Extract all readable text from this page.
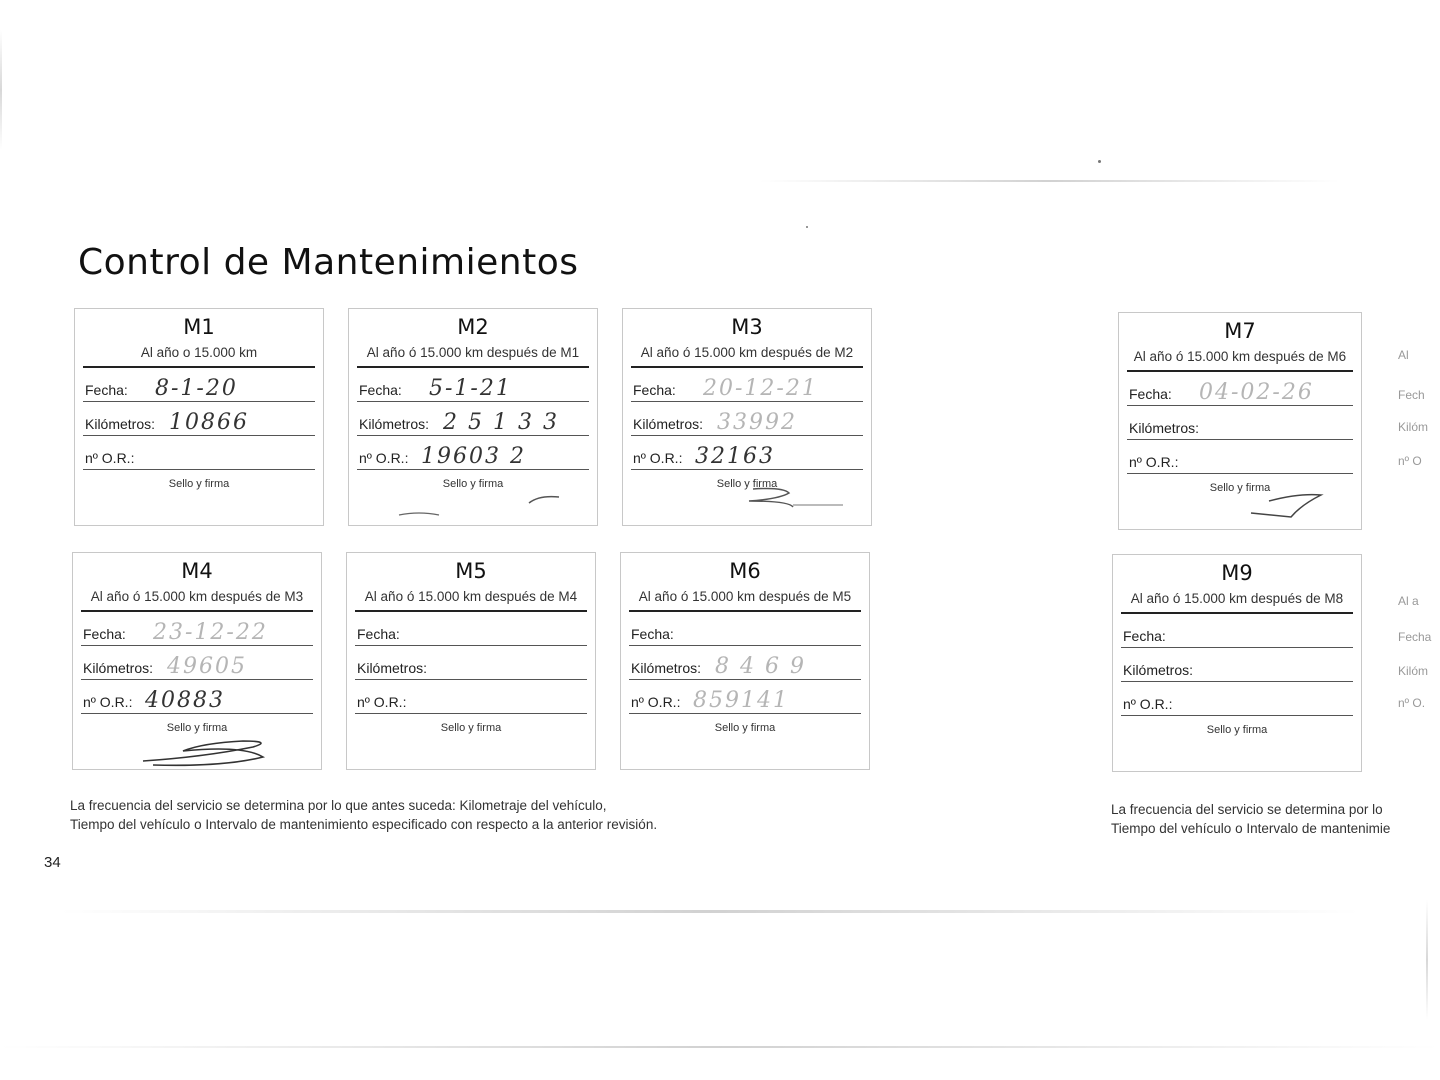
Control de Mantenimientos
M1
Al año o 15.000 km
Fecha: 8-1-20
Kilómetros: 10866
nº O.R.:
Sello y firma
M2
Al año ó 15.000 km después de M1
Fecha: 5-1-21
Kilómetros: 2 5 1 3 3
nº O.R.: 19603 2
Sello y firma
M3
Al año ó 15.000 km después de M2
Fecha: 20-12-21
Kilómetros: 33992
nº O.R.: 32163
Sello y firma
M4
Al año ó 15.000 km después de M3
Fecha: 23-12-22
Kilómetros: 49605
nº O.R.: 40883
Sello y firma
M5
Al año ó 15.000 km después de M4
Fecha:
Kilómetros:
nº O.R.:
Sello y firma
M6
Al año ó 15.000 km después de M5
Fecha:
Kilómetros: 8 4 6 9
nº O.R.: 859141
Sello y firma
M7
Al año ó 15.000 km después de M6
Fecha: 04-02-26
Kilómetros:
nº O.R.:
Sello y firma
M9
Al año ó 15.000 km después de M8
Fecha:
Kilómetros:
nº O.R.:
Sello y firma
Al
Fech
Kilóm
nº O
Al a
Fecha
Kilóm
nº O.
La frecuencia del servicio se determina por lo que antes suceda: Kilometraje del vehículo,
Tiempo del vehículo o Intervalo de mantenimiento especificado con respecto a la anterior revisión.
La frecuencia del servicio se determina por lo
Tiempo del vehículo o Intervalo de mantenimie
34
